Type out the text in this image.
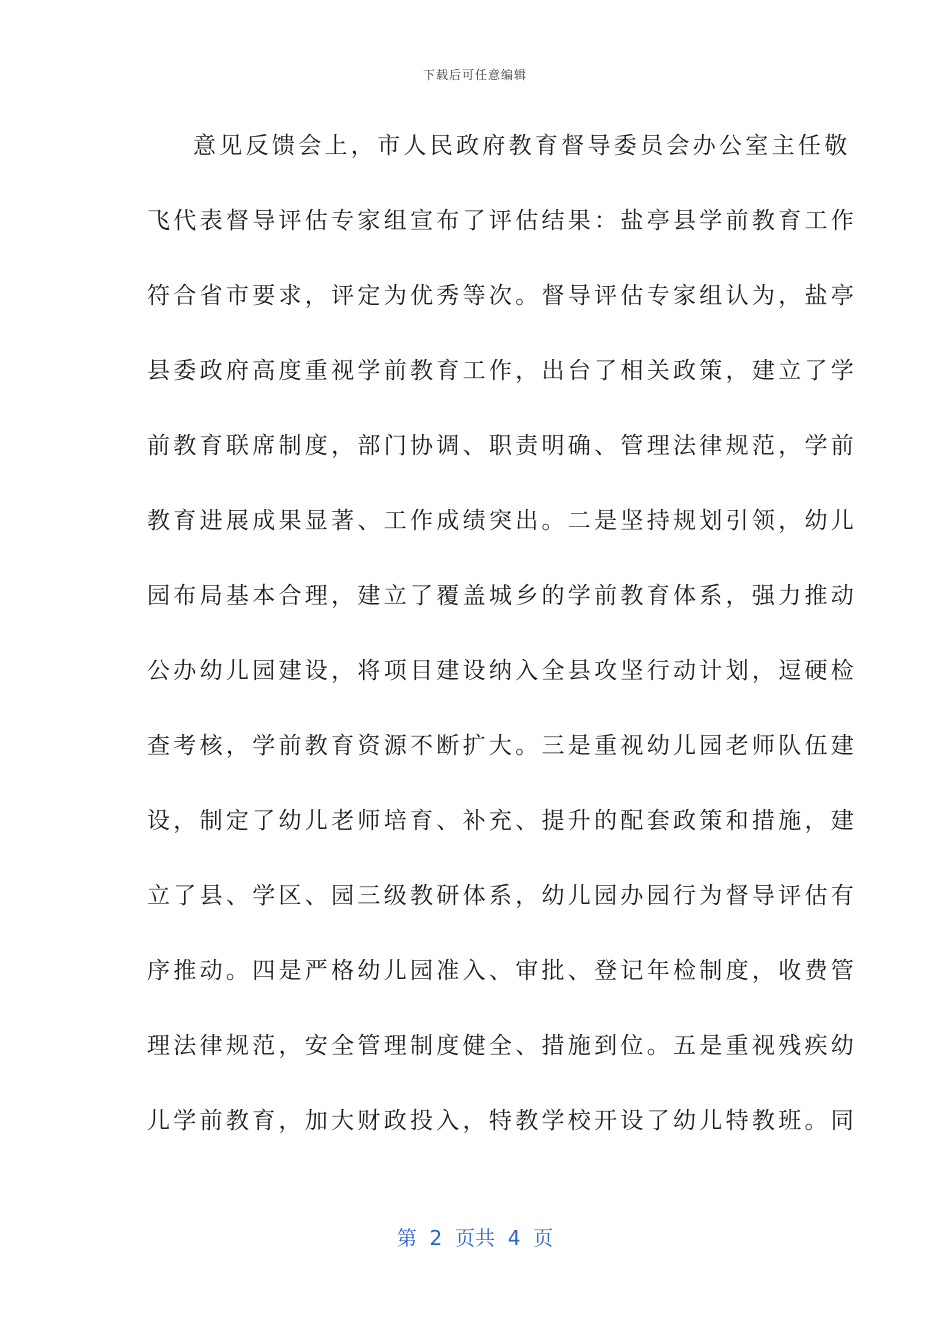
下载后可任意编辑
意见反馈会上，市人民政府教育督导委员会办公室主任敬
飞代表督导评估专家组宣布了评估结果：盐亭县学前教育工作
符合省市要求，评定为优秀等次。督导评估专家组认为，盐亭
县委政府高度重视学前教育工作，出台了相关政策，建立了学
前教育联席制度，部门协调、职责明确、管理法律规范，学前
教育进展成果显著、工作成绩突出。二是坚持规划引领，幼儿
园布局基本合理，建立了覆盖城乡的学前教育体系，强力推动
公办幼儿园建设，将项目建设纳入全县攻坚行动计划，逗硬检
查考核，学前教育资源不断扩大。三是重视幼儿园老师队伍建
设，制定了幼儿老师培育、补充、提升的配套政策和措施，建
立了县、学区、园三级教研体系，幼儿园办园行为督导评估有
序推动。四是严格幼儿园准入、审批、登记年检制度，收费管
理法律规范，安全管理制度健全、措施到位。五是重视残疾幼
儿学前教育，加大财政投入，特教学校开设了幼儿特教班。同
第  2  页共  4  页
